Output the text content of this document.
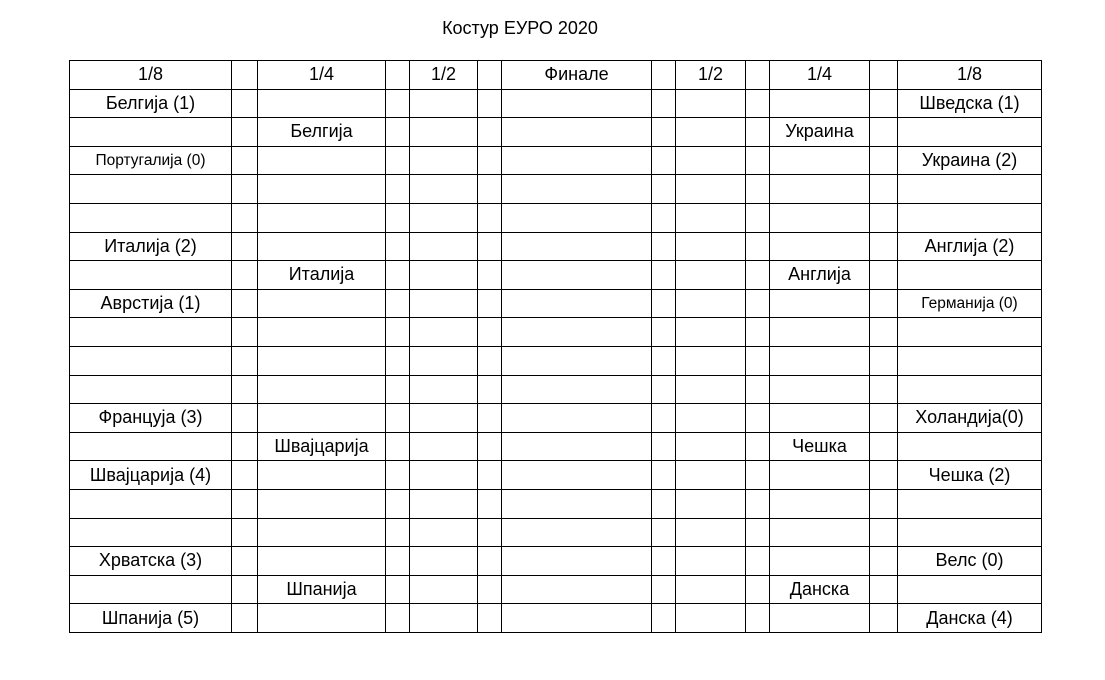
Костур ЕУРО 2020
1/8		1/4		1/2		Финале		1/2		1/4		1/8
Белгија (1)												Шведска (1)
		Белгија								Украина		
Португалија (0)												Украина (2)

Италија (2)												Англија (2)
		Италија								Англија		
Аврстија (1)												Германија (0)

Француја (3)												Холандија(0)
		Швајцарија								Чешка		
Швајцарија (4)												Чешка (2)

Хрватска (3)												Велс (0)
		Шпанија								Данска		
Шпанија (5)												Данска (4)
